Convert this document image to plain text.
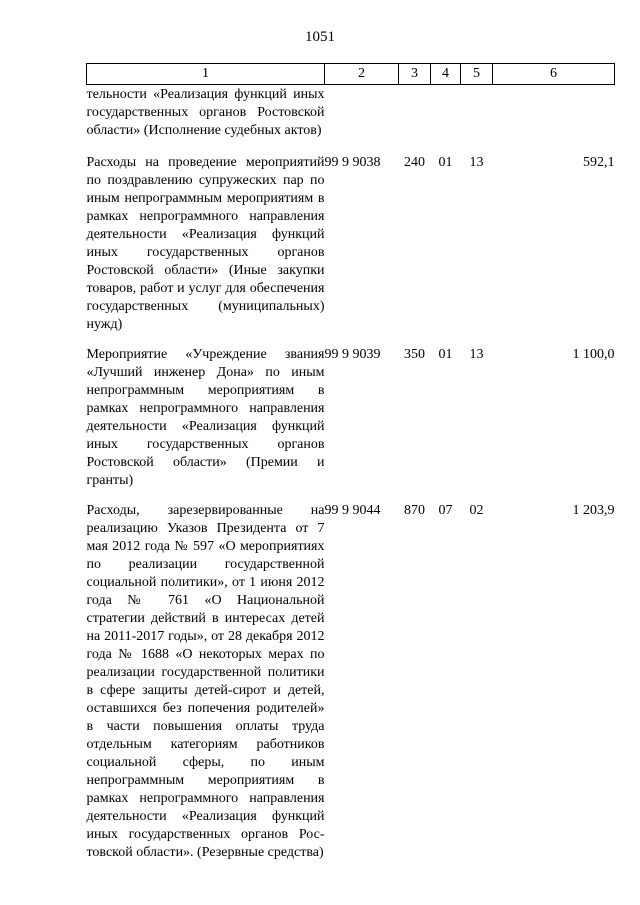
1051
1	2	3	4	5	6
тельности «Реализация функций иных государственных органов Ростовской области» (Исполнение судебных актов)					
Расходы на проведение мероприятий по поздравлению супружеских пар по иным непрограммным мероприятиям в рамках непрограммного направления деятельности «Реализация функций иных государственных органов Ростовской области» (Иные закупки товаров, работ и услуг для обеспечения государственных (муниципальных) нужд)	99 9 9038	240	01	13	592,1
Мероприятие «Учреждение звания «Лучший инженер Дона» по иным непрограммным мероприятиям в рамках непрограммного направления деятельности «Реализация функций иных государственных органов Ростовской области» (Премии и гранты)	99 9 9039	350	01	13	1 100,0
Расходы, зарезервированные на реализацию Указов Президента от 7 мая 2012 года № 597 «О мероприятиях по реализации государственной социальной политики», от 1 июня 2012 года № 761 «О Национальной стратегии действий в интересах детей на 2011-2017 годы», от 28 декабря 2012 года № 1688 «О некоторых мерах по реализации государственной политики в сфере защиты детей-сирот и детей, оставшихся без попечения родителей» в части повышения оплаты труда отдельным категориям работников социальной сферы, по иным непрограммным мероприятиям в рамках непрограммного направления деятельности «Реализация функций иных государственных органов Рос-товской области». (Резервные средства)	99 9 9044	870	07	02	1 203,9
